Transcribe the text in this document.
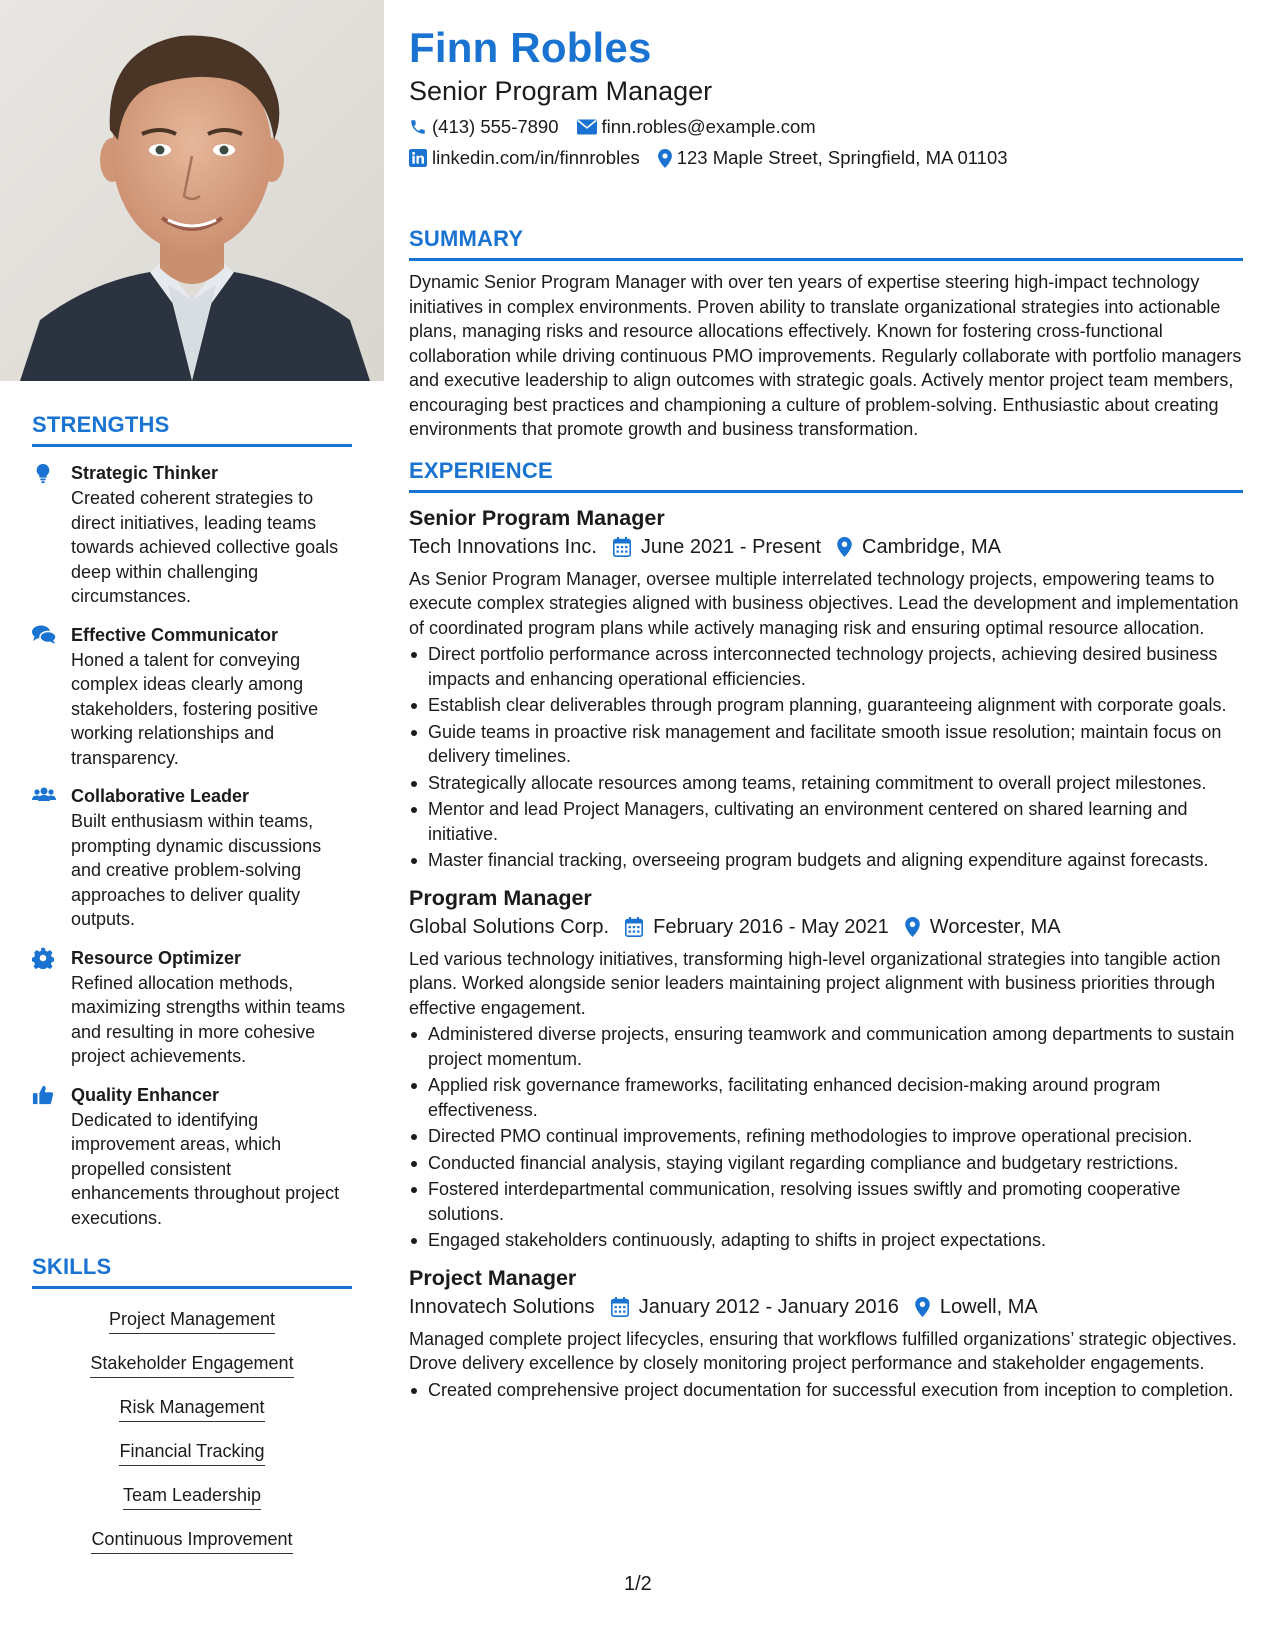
STRENGTHS
Strategic Thinker
Created coherent strategies to direct initiatives, leading teams towards achieved collective goals deep within challenging circumstances.
Effective Communicator
Honed a talent for conveying complex ideas clearly among stakeholders, fostering positive working relationships and transparency.
Collaborative Leader
Built enthusiasm within teams, prompting dynamic discussions and creative problem-solving approaches to deliver quality outputs.
Resource Optimizer
Refined allocation methods, maximizing strengths within teams and resulting in more cohesive project achievements.
Quality Enhancer
Dedicated to identifying improvement areas, which propelled consistent enhancements throughout project executions.
SKILLS
Project Management
Stakeholder Engagement
Risk Management
Financial Tracking
Team Leadership
Continuous Improvement
Finn Robles
Senior Program Manager
(413) 555-7890 finn.robles@example.com
linkedin.com/in/finnrobles 123 Maple Street, Springfield, MA 01103
SUMMARY
Dynamic Senior Program Manager with over ten years of expertise steering high-impact technology initiatives in complex environments. Proven ability to translate organizational strategies into actionable plans, managing risks and resource allocations effectively. Known for fostering cross-functional collaboration while driving continuous PMO improvements. Regularly collaborate with portfolio managers and executive leadership to align outcomes with strategic goals. Actively mentor project team members, encouraging best practices and championing a culture of problem-solving. Enthusiastic about creating environments that promote growth and business transformation.
EXPERIENCE
Senior Program Manager
Tech Innovations Inc. June 2021 - Present Cambridge, MA
As Senior Program Manager, oversee multiple interrelated technology projects, empowering teams to execute complex strategies aligned with business objectives. Lead the development and implementation of coordinated program plans while actively managing risk and ensuring optimal resource allocation.
Direct portfolio performance across interconnected technology projects, achieving desired business impacts and enhancing operational efficiencies.
Establish clear deliverables through program planning, guaranteeing alignment with corporate goals.
Guide teams in proactive risk management and facilitate smooth issue resolution; maintain focus on delivery timelines.
Strategically allocate resources among teams, retaining commitment to overall project milestones.
Mentor and lead Project Managers, cultivating an environment centered on shared learning and initiative.
Master financial tracking, overseeing program budgets and aligning expenditure against forecasts.
Program Manager
Global Solutions Corp. February 2016 - May 2021 Worcester, MA
Led various technology initiatives, transforming high-level organizational strategies into tangible action plans. Worked alongside senior leaders maintaining project alignment with business priorities through effective engagement.
Administered diverse projects, ensuring teamwork and communication among departments to sustain project momentum.
Applied risk governance frameworks, facilitating enhanced decision-making around program effectiveness.
Directed PMO continual improvements, refining methodologies to improve operational precision.
Conducted financial analysis, staying vigilant regarding compliance and budgetary restrictions.
Fostered interdepartmental communication, resolving issues swiftly and promoting cooperative solutions.
Engaged stakeholders continuously, adapting to shifts in project expectations.
Project Manager
Innovatech Solutions January 2012 - January 2016 Lowell, MA
Managed complete project lifecycles, ensuring that workflows fulfilled organizations’ strategic objectives. Drove delivery excellence by closely monitoring project performance and stakeholder engagements.
Created comprehensive project documentation for successful execution from inception to completion.
1/2
